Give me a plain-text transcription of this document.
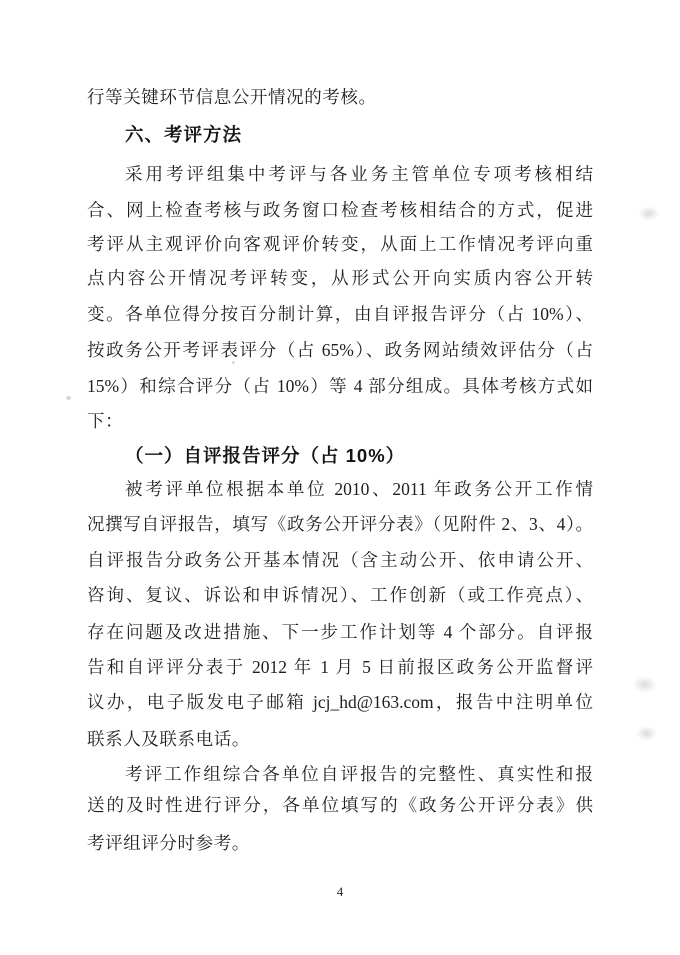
行等关键环节信息公开情况的考核。
六、考评方法
采用考评组集中考评与各业务主管单位专项考核相结
合、网上检查考核与政务窗口检查考核相结合的方式，促进
考评从主观评价向客观评价转变，从面上工作情况考评向重
点内容公开情况考评转变，从形式公开向实质内容公开转
变。各单位得分按百分制计算，由自评报告评分（占 10%）、
按政务公开考评表评分（占 65%）、政务网站绩效评估分（占
15%）和综合评分（占 10%）等 4 部分组成。具体考核方式如
下：
（一）自评报告评分（占 10%）
被考评单位根据本单位 2010、2011 年政务公开工作情
况撰写自评报告，填写《政务公开评分表》（见附件 2、3、4）。
自评报告分政务公开基本情况（含主动公开、依申请公开、
咨询、复议、诉讼和申诉情况）、工作创新（或工作亮点）、
存在问题及改进措施、下一步工作计划等 4 个部分。自评报
告和自评评分表于 2012 年 1 月 5 日前报区政务公开监督评
议办，电子版发电子邮箱 jcj_hd@163.com，报告中注明单位
联系人及联系电话。
考评工作组综合各单位自评报告的完整性、真实性和报
送的及时性进行评分，各单位填写的《政务公开评分表》供
考评组评分时参考。
4
